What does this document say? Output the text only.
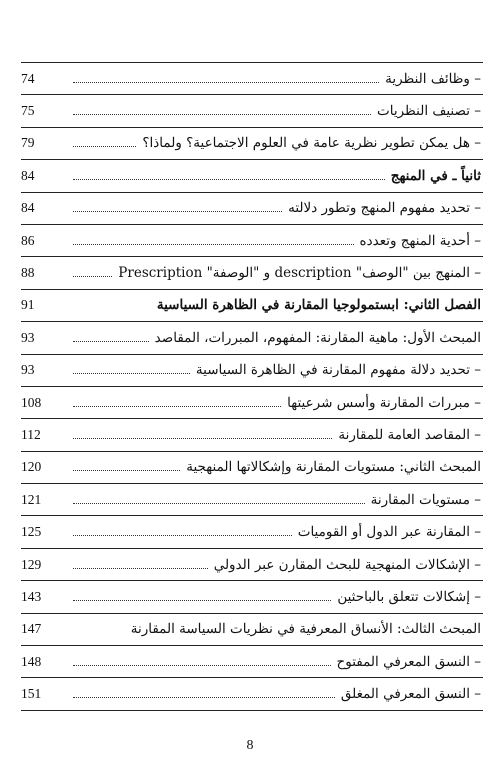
– وظائف النظرية
74
– تصنيف النظريات
75
– هل يمكن تطوير نظرية عامة في العلوم الاجتماعية؟ ولماذا؟
79
ثانياً ـ في المنهج
84
– تحديد مفهوم المنهج وتطور دلالته
84
– أحدية المنهج وتعدده
86
– المنهج بين "الوصف" description و "الوصفة" Prescription
88
الفصل الثاني: ابستمولوجيا المقارنة في الظاهرة السياسية
91
المبحث الأول: ماهية المقارنة: المفهوم، المبررات، المقاصد
93
– تحديد دلالة مفهوم المقارنة في الظاهرة السياسية
93
– مبررات المقارنة وأسس شرعيتها
108
– المقاصد العامة للمقارنة
112
المبحث الثاني: مستويات المقارنة وإشكالاتها المنهجية
120
– مستويات المقارنة
121
– المقارنة عبر الدول أو القوميات
125
– الإشكالات المنهجية للبحث المقارن عبر الدولي
129
– إشكالات تتعلق بالباحثين
143
المبحث الثالث: الأنساق المعرفية في نظريات السياسة المقارنة
147
– النسق المعرفي المفتوح
148
– النسق المعرفي المغلق
151
8
